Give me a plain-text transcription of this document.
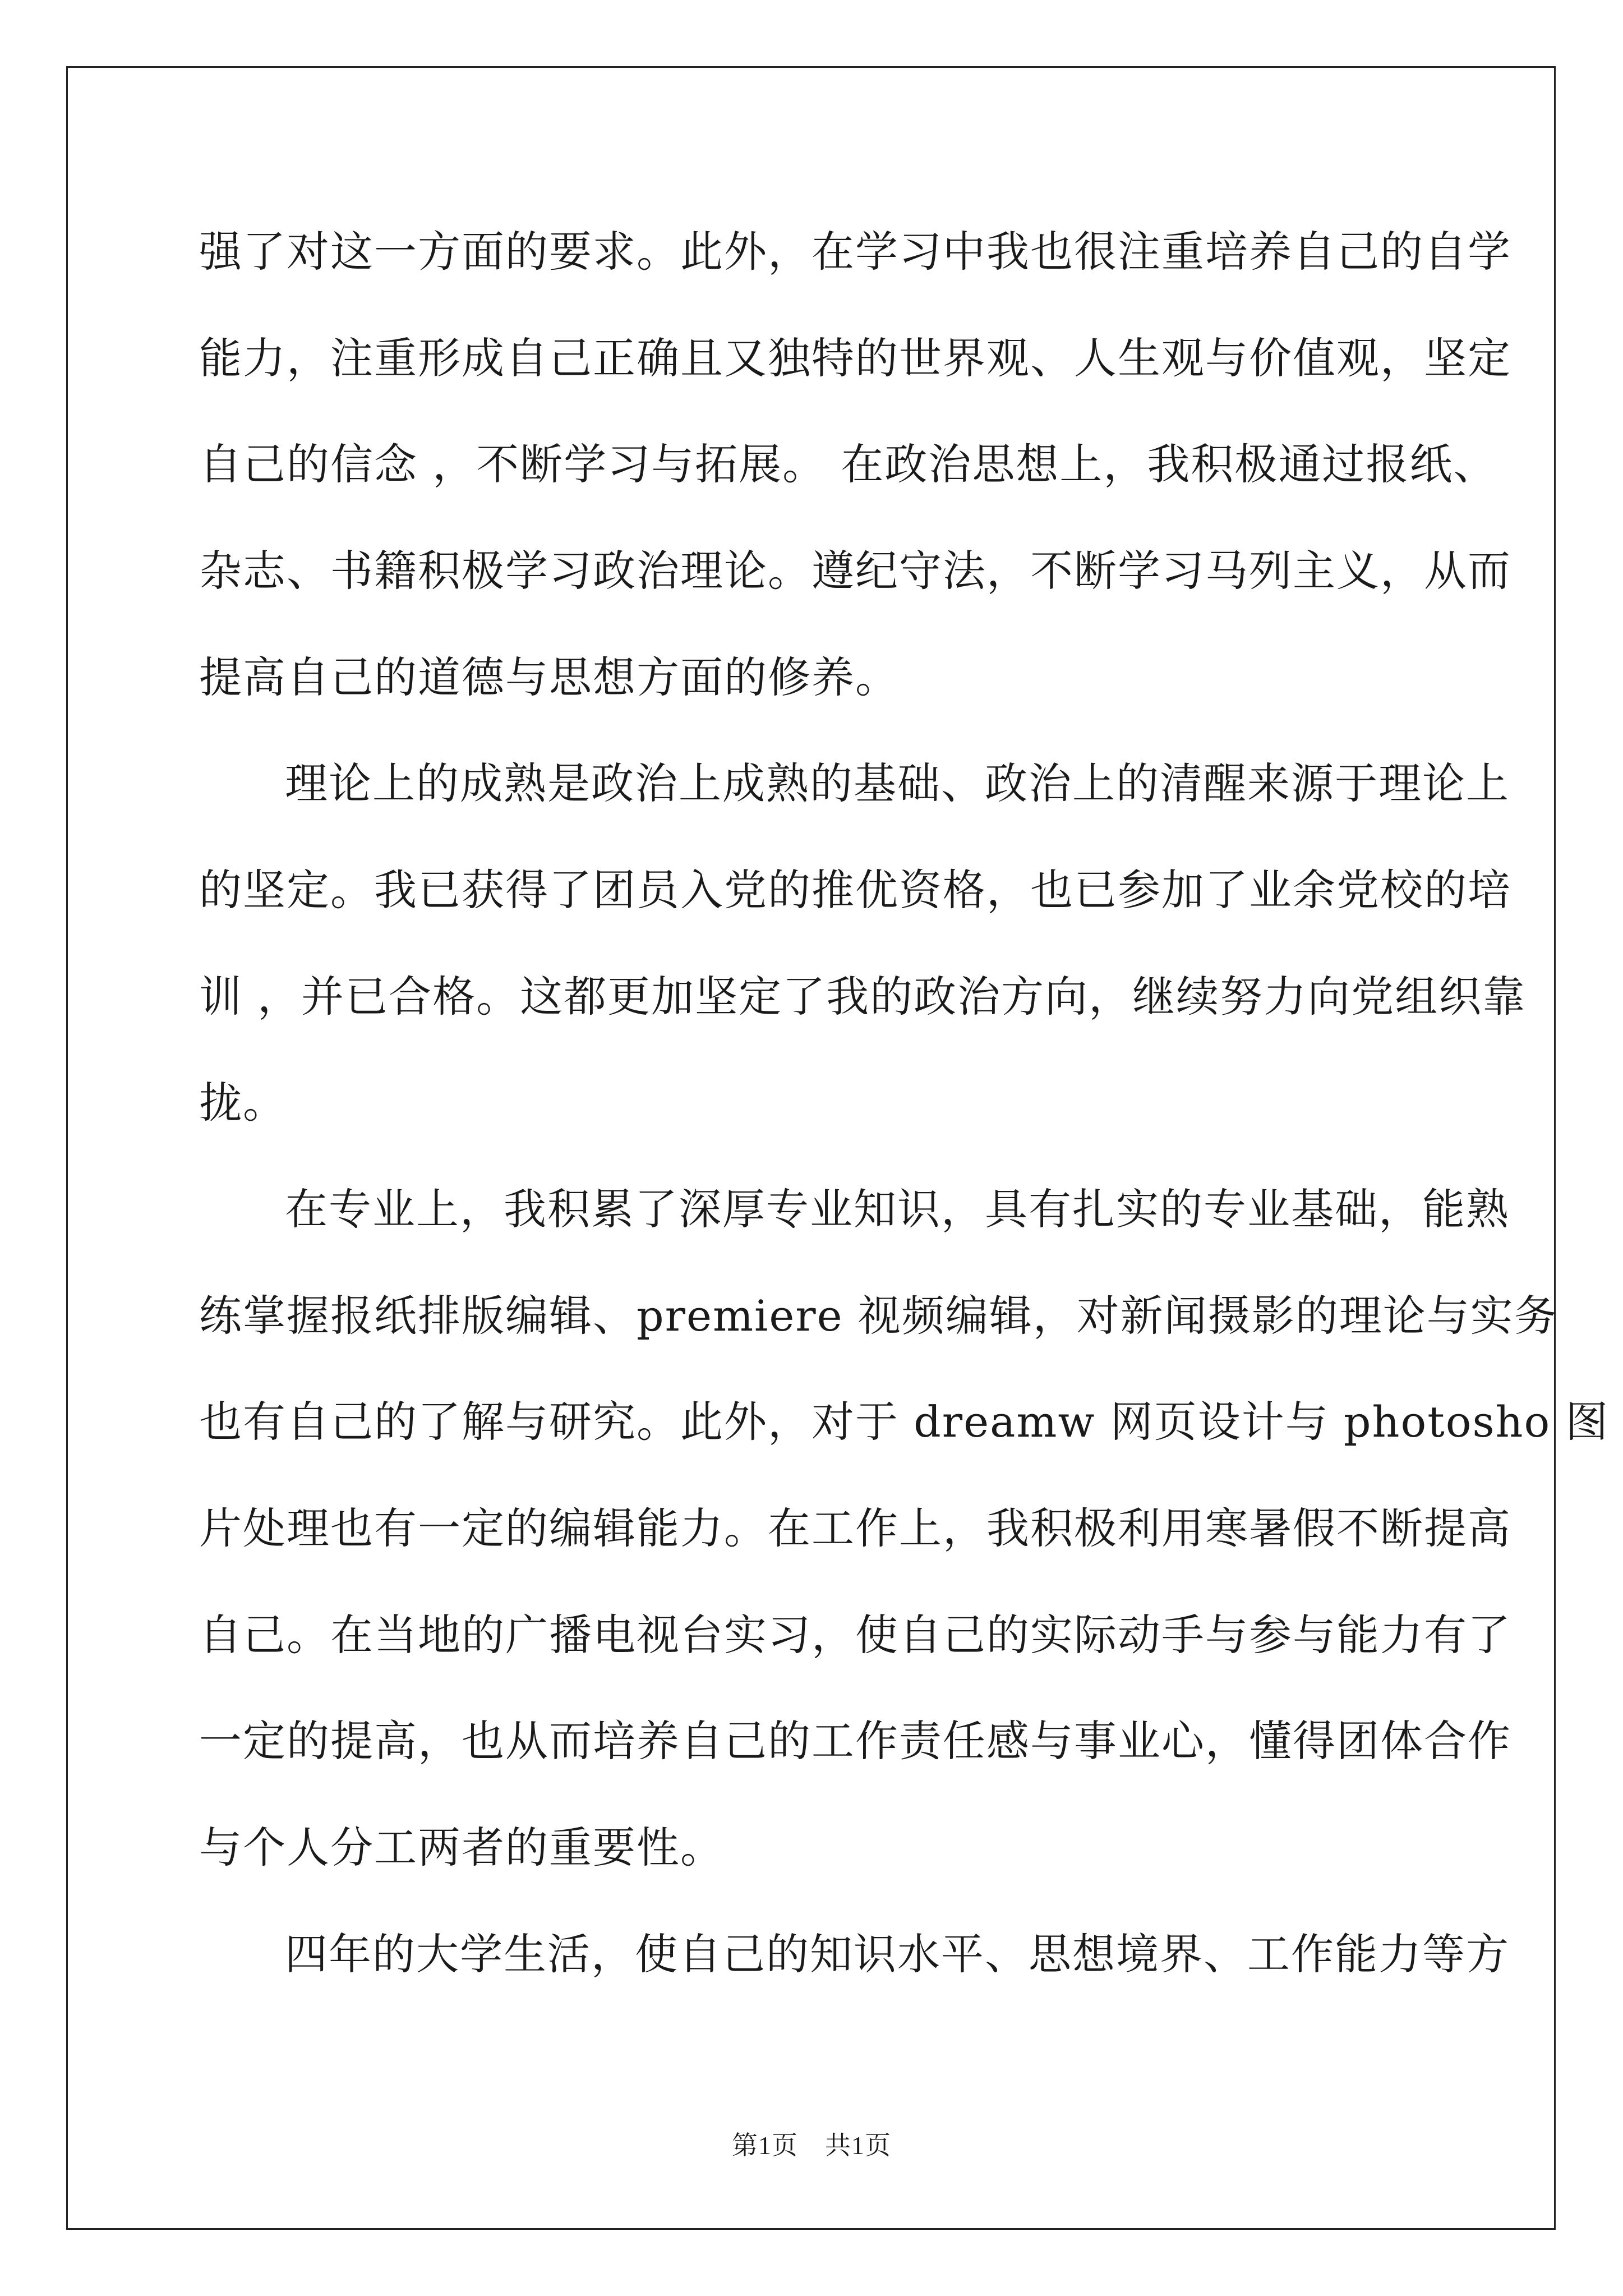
强了对这一方面的要求。此外，在学习中我也很注重培养自己的自学
能力，注重形成自己正确且又独特的世界观、人生观与价值观，坚定
自己的信念 ，不断学习与拓展。 在政治思想上，我积极通过报纸、
杂志、书籍积极学习政治理论。遵纪守法，不断学习马列主义，从而
提高自己的道德与思想方面的修养。
理论上的成熟是政治上成熟的基础、政治上的清醒来源于理论上
的坚定。我已获得了团员入党的推优资格，也已参加了业余党校的培
训 ，并已合格。这都更加坚定了我的政治方向，继续努力向党组织靠
拢。
在专业上，我积累了深厚专业知识，具有扎实的专业基础，能熟
练掌握报纸排版编辑、premiere 视频编辑，对新闻摄影的理论与实务
也有自己的了解与研究。此外，对于 dreamw 网页设计与 photosho 图
片处理也有一定的编辑能力。在工作上，我积极利用寒暑假不断提高
自己。在当地的广播电视台实习，使自己的实际动手与参与能力有了
一定的提高，也从而培养自己的工作责任感与事业心，懂得团体合作
与个人分工两者的重要性。
四年的大学生活，使自己的知识水平、思想境界、工作能力等方
第1页 共1页
